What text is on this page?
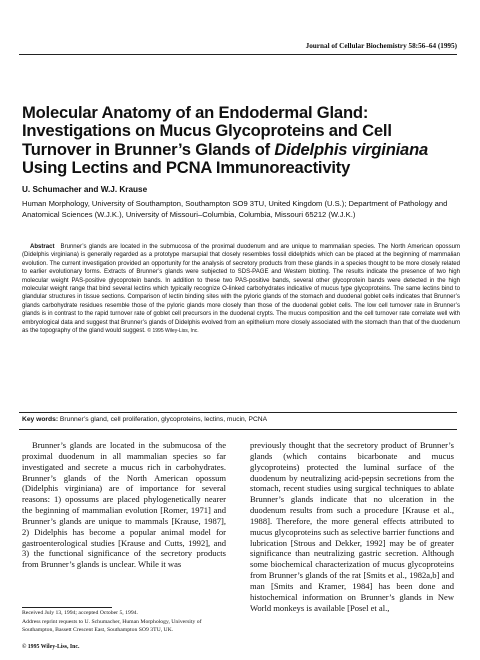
Journal of Cellular Biochemistry 58:56–64 (1995)
Molecular Anatomy of an Endodermal Gland: Investigations on Mucus Glycoproteins and Cell Turnover in Brunner’s Glands of Didelphis virginiana Using Lectins and PCNA Immunoreactivity
U. Schumacher and W.J. Krause
Human Morphology, University of Southampton, Southampton SO9 3TU, United Kingdom (U.S.); Department of Pathology and Anatomical Sciences (W.J.K.), University of Missouri–Columbia, Columbia, Missouri 65212 (W.J.K.)
Abstract Brunner’s glands are located in the submucosa of the proximal duodenum and are unique to mammalian species. The North American opossum (Didelphis virginiana) is generally regarded as a prototype marsupial that closely resembles fossil didelphids which can be placed at the beginning of mammalian evolution. The current investigation provided an opportunity for the analysis of secretory products from these glands in a species thought to be more closely related to earlier evolutionary forms. Extracts of Brunner’s glands were subjected to SDS-PAGE and Western blotting. The results indicate the presence of two high molecular weight PAS-positive glycoprotein bands. In addition to these two PAS-positive bands, several other glycoprotein bands were detected in the high molecular weight range that bind several lectins which typically recognize O-linked carbohydrates indicative of mucus type glycoproteins. The same lectins bind to glandular structures in tissue sections. Comparison of lectin binding sites with the pyloric glands of the stomach and duodenal goblet cells indicates that Brunner’s glands carbohydrate residues resemble those of the pyloric glands more closely than those of the duodenal goblet cells. The low cell turnover rate in Brunner’s glands is in contrast to the rapid turnover rate of goblet cell precursors in the duodenal crypts. The mucus composition and the cell turnover rate correlate well with embryological data and suggest that Brunner’s glands of Didelphis evolved from an epithelium more closely associated with the stomach than that of the duodenum as the topography of the gland would suggest. © 1995 Wiley-Liss, Inc.
Key words: Brunner’s gland, cell proliferation, glycoproteins, lectins, mucin, PCNA
Brunner’s glands are located in the submucosa of the proximal duodenum in all mammalian species so far investigated and secrete a mucus rich in carbohydrates. Brunner’s glands of the North American opossum (Didelphis virginiana) are of importance for several reasons: 1) opossums are placed phylogenetically nearer the beginning of mammalian evolution [Romer, 1971] and Brunner’s glands are unique to mammals [Krause, 1987], 2) Didelphis has become a popular animal model for gastroenterological studies [Krause and Cutts, 1992], and 3) the functional significance of the secretory products from Brunner’s glands is unclear. While it was
previously thought that the secretory product of Brunner’s glands (which contains bicarbonate and mucus glycoproteins) protected the luminal surface of the duodenum by neutralizing acid-pepsin secretions from the stomach, recent studies using surgical techniques to ablate Brunner’s glands indicate that no ulceration in the duodenum results from such a procedure [Krause et al., 1988]. Therefore, the more general effects attributed to mucus glycoproteins such as selective barrier functions and lubrication [Strous and Dekker, 1992] may be of greater significance than neutralizing gastric secretion. Although some biochemical characterization of mucus glycoproteins from Brunner’s glands of the rat [Smits et al., 1982a,b] and man [Smits and Kramer, 1984] has been done and histochemical information on Brunner’s glands in New World monkeys is available [Posel et al.,
Received July 13, 1994; accepted October 5, 1994.
Address reprint requests to U. Schumacher, Human Morphology, University of Southampton, Bassett Crescent East, Southampton SO9 3TU, UK.
© 1995 Wiley-Liss, Inc.
